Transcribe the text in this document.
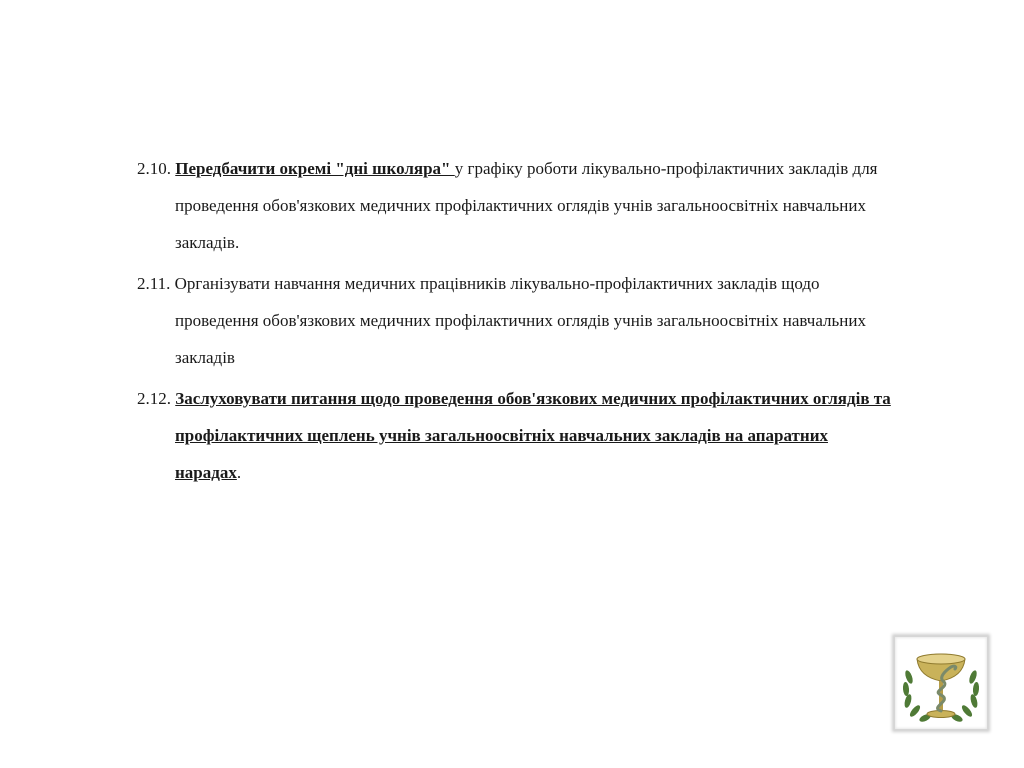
2.10. Передбачити окремі "дні школяра" у графіку роботи лікувально-профілактичних закладів для проведення обов'язкових медичних профілактичних оглядів учнів загальноосвітніх навчальних закладів.

2.11. Організувати навчання медичних працівників лікувально-профілактичних закладів щодо проведення обов'язкових медичних профілактичних оглядів учнів загальноосвітніх навчальних закладів

2.12. Заслуховувати питання щодо проведення обов'язкових медичних профілактичних оглядів та профілактичних щеплень учнів загальноосвітніх навчальних закладів на апаратних нарадах.
